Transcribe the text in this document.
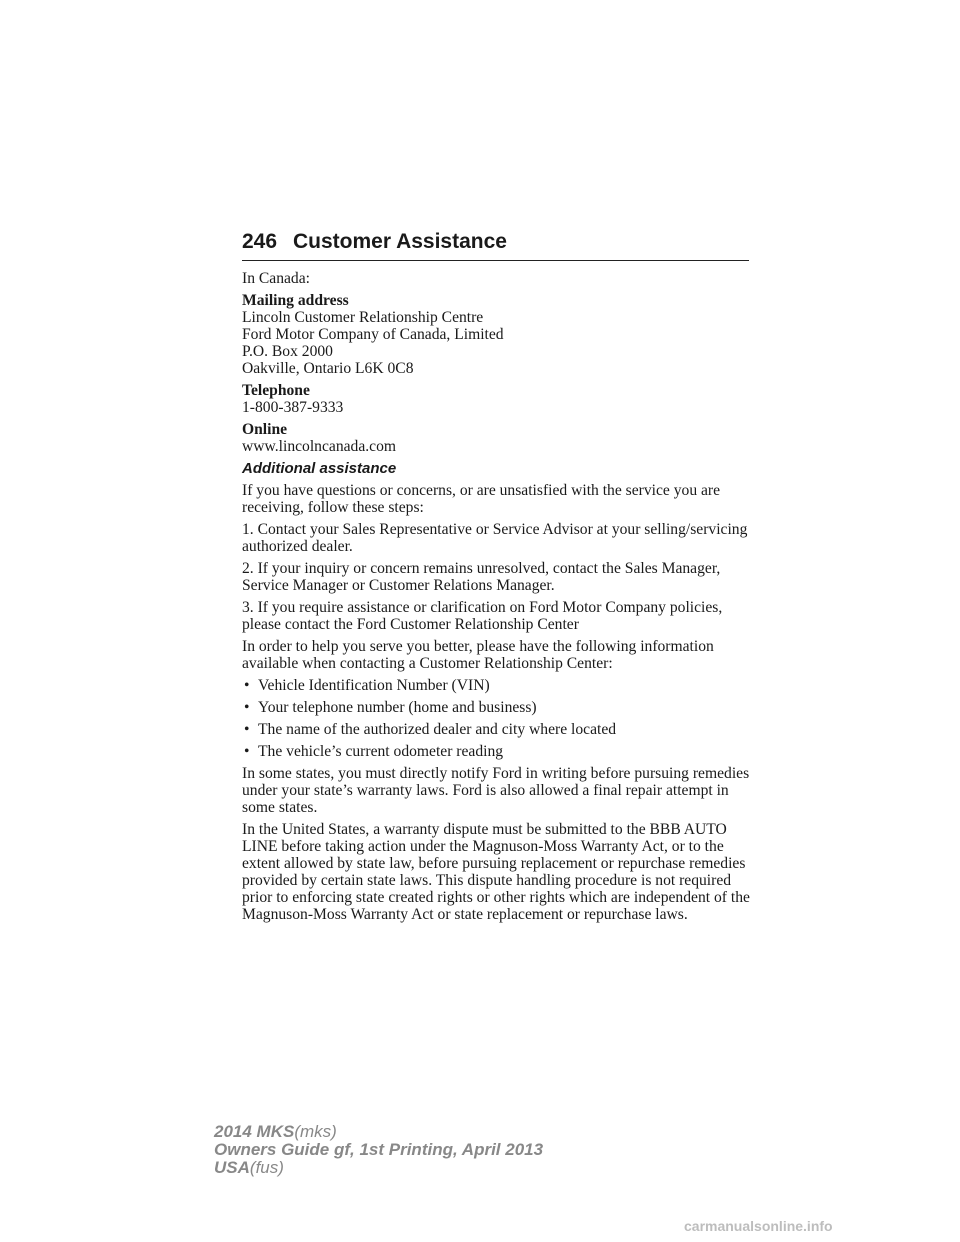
246 Customer Assistance

In Canada:

Mailing address
Lincoln Customer Relationship Centre
Ford Motor Company of Canada, Limited
P.O. Box 2000
Oakville, Ontario L6K 0C8

Telephone
1-800-387-9333

Online
www.lincolncanada.com

Additional assistance

If you have questions or concerns, or are unsatisfied with the service you are receiving, follow these steps:

1. Contact your Sales Representative or Service Advisor at your selling/servicing authorized dealer.

2. If your inquiry or concern remains unresolved, contact the Sales Manager, Service Manager or Customer Relations Manager.

3. If you require assistance or clarification on Ford Motor Company policies, please contact the Ford Customer Relationship Center

In order to help you serve you better, please have the following information available when contacting a Customer Relationship Center:

• Vehicle Identification Number (VIN)
• Your telephone number (home and business)
• The name of the authorized dealer and city where located
• The vehicle’s current odometer reading

In some states, you must directly notify Ford in writing before pursuing remedies under your state’s warranty laws. Ford is also allowed a final repair attempt in some states.

In the United States, a warranty dispute must be submitted to the BBB AUTO LINE before taking action under the Magnuson-Moss Warranty Act, or to the extent allowed by state law, before pursuing replacement or repurchase remedies provided by certain state laws. This dispute handling procedure is not required prior to enforcing state created rights or other rights which are independent of the Magnuson-Moss Warranty Act or state replacement or repurchase laws.

2014 MKS(mks)
Owners Guide gf, 1st Printing, April 2013
USA(fus)
carmanualsonline.info
